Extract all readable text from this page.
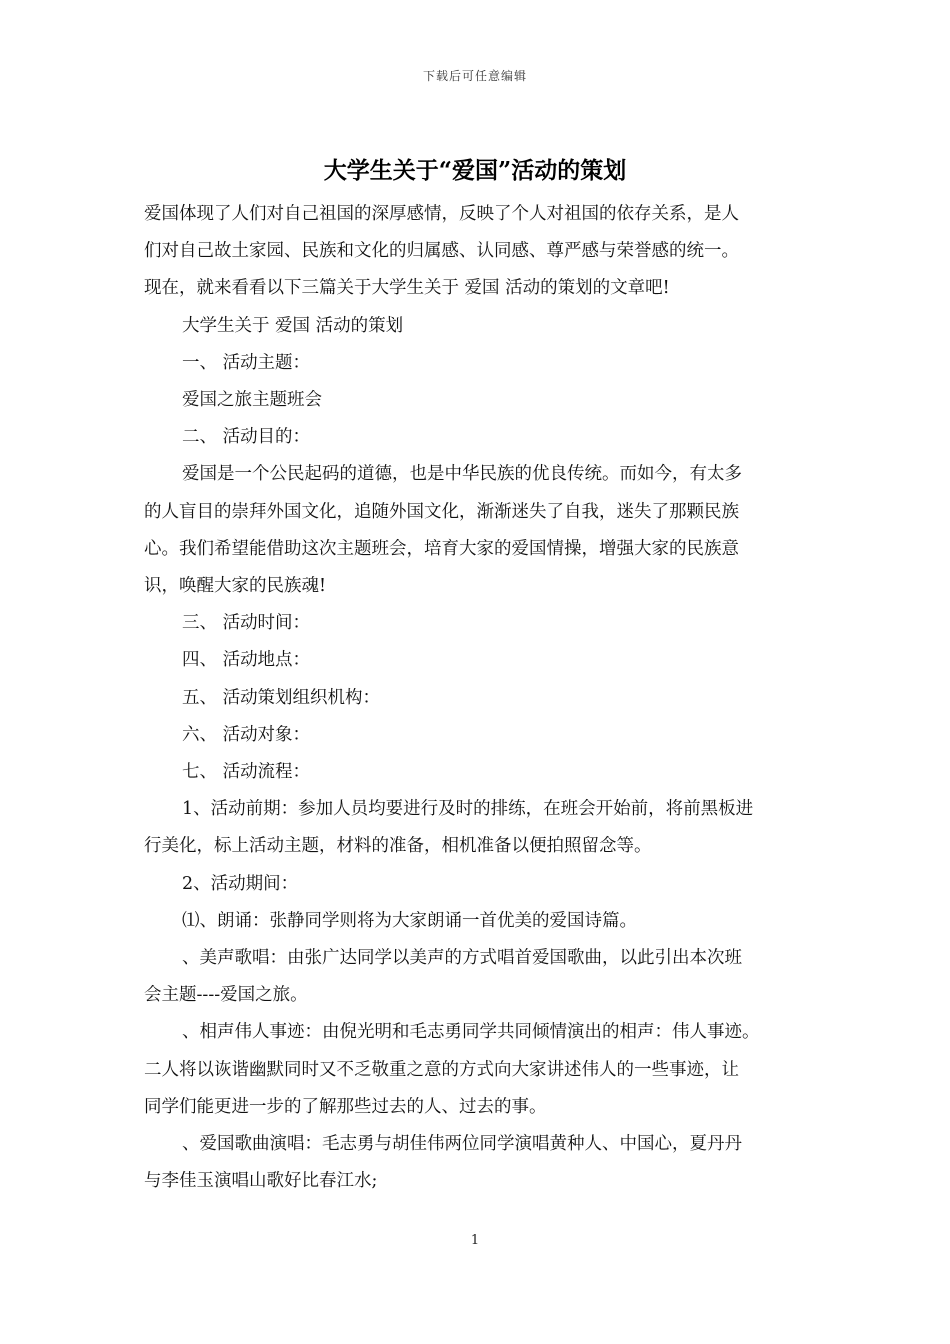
下载后可任意编辑
大学生关于“爱国”活动的策划

爱国体现了人们对自己祖国的深厚感情，反映了个人对祖国的依存关系，是人

们对自己故土家园、民族和文化的归属感、认同感、尊严感与荣誉感的统一。

现在，就来看看以下三篇关于大学生关于 爱国 活动的策划的文章吧!

大学生关于 爱国 活动的策划

一、 活动主题：

爱国之旅主题班会

二、 活动目的：

爱国是一个公民起码的道德，也是中华民族的优良传统。而如今，有太多

的人盲目的崇拜外国文化，追随外国文化，渐渐迷失了自我，迷失了那颗民族

心。我们希望能借助这次主题班会，培育大家的爱国情操，增强大家的民族意

识，唤醒大家的民族魂!

三、 活动时间：

四、 活动地点：

五、 活动策划组织机构：

六、 活动对象：

七、 活动流程：

1、活动前期：参加人员均要进行及时的排练，在班会开始前，将前黑板进

行美化，标上活动主题，材料的准备，相机准备以便拍照留念等。

2、活动期间：

⑴、朗诵：张静同学则将为大家朗诵一首优美的爱国诗篇。

、美声歌唱：由张广达同学以美声的方式唱首爱国歌曲，以此引出本次班

会主题----爱国之旅。

、相声伟人事迹：由倪光明和毛志勇同学共同倾情演出的相声：伟人事迹。

二人将以诙谐幽默同时又不乏敬重之意的方式向大家讲述伟人的一些事迹，让

同学们能更进一步的了解那些过去的人、过去的事。

、爱国歌曲演唱：毛志勇与胡佳伟两位同学演唱黄种人、中国心，夏丹丹

与李佳玉演唱山歌好比春江水;

1
